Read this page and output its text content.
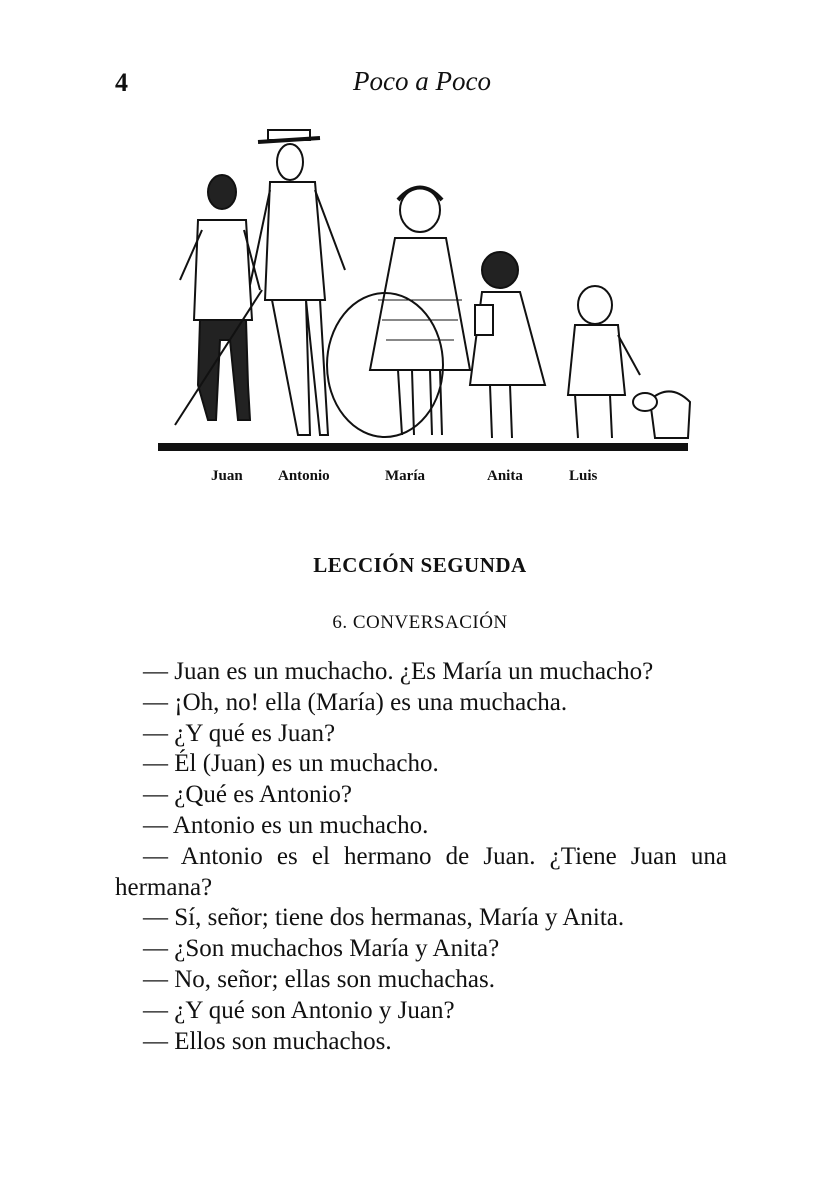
4	Poco a Poco
Juan Antonio	María	Anita	Luis
LECCIÓN SEGUNDA
6. CONVERSACIÓN

— Juan es un muchacho. ¿Es María un muchacho?

— ¡Oh, no! ella (María) es una muchacha.

— ¿Y qué es Juan?

— Él (Juan) es un muchacho.

— ¿Qué es Antonio?

— Antonio es un muchacho.

— Antonio es el hermano de Juan. ¿Tiene Juan una hermana?

— Sí, señor; tiene dos hermanas, María y Anita.

— ¿Son muchachos María y Anita?

— No, señor; ellas son muchachas.

— ¿Y qué son Antonio y Juan?

— Ellos son muchachos.
